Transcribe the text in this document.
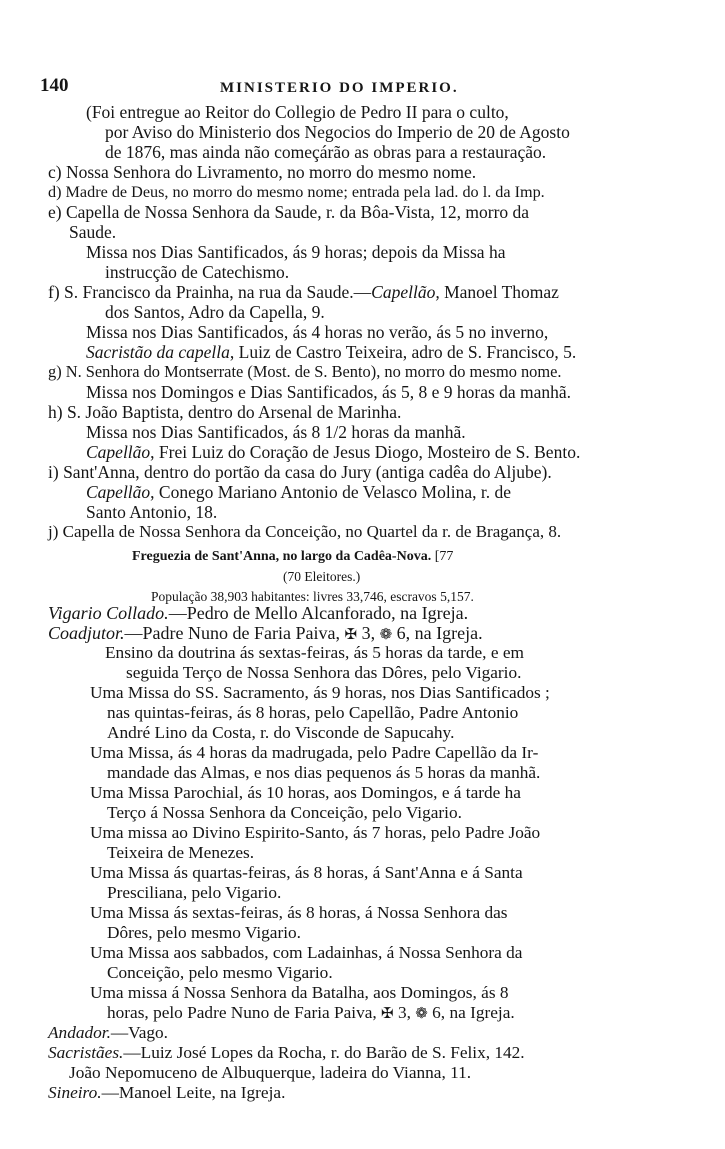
140	MINISTERIO DO IMPERIO.
(Foi entregue ao Reitor do Collegio de Pedro II para o culto,
por Aviso do Ministerio dos Negocios do Imperio de 20 de Agosto
de 1876, mas ainda não começárão as obras para a restauração.
c) Nossa Senhora do Livramento, no morro do mesmo nome.
d) Madre de Deus, no morro do mesmo nome; entrada pela lad. do l. da Imp.
e) Capella de Nossa Senhora da Saude, r. da Bôa-Vista, 12, morro da
Saude.
Missa nos Dias Santificados, ás 9 horas; depois da Missa ha
instrucção de Catechismo.
f) S. Francisco da Prainha, na rua da Saude.—Capellão, Manoel Thomaz
dos Santos, Adro da Capella, 9.
Missa nos Dias Santificados, ás 4 horas no verão, ás 5 no inverno,
Sacristão da capella, Luiz de Castro Teixeira, adro de S. Francisco, 5.
g) N. Senhora do Montserrate (Most. de S. Bento), no morro do mesmo nome.
Missa nos Domingos e Dias Santificados, ás 5, 8 e 9 horas da manhã.
h) S. João Baptista, dentro do Arsenal de Marinha.
Missa nos Dias Santificados, ás 8 1/2 horas da manhã.
Capellão, Frei Luiz do Coração de Jesus Diogo, Mosteiro de S. Bento.
i) Sant'Anna, dentro do portão da casa do Jury (antiga cadêa do Aljube).
Capellão, Conego Mariano Antonio de Velasco Molina, r. de
Santo Antonio, 18.
j) Capella de Nossa Senhora da Conceição, no Quartel da r. de Bragança, 8.
Freguezia de Sant'Anna, no largo da Cadêa-Nova. [77
(70 Eleitores.)
População 38,903 habitantes: livres 33,746, escravos 5,157.
Vigario Collado.—Pedro de Mello Alcanforado, na Igreja.
Coadjutor.—Padre Nuno de Faria Paiva, ✠ 3, ❁ 6, na Igreja.
Ensino da doutrina ás sextas-feiras, ás 5 horas da tarde, e em
seguida Terço de Nossa Senhora das Dôres, pelo Vigario.
Uma Missa do SS. Sacramento, ás 9 horas, nos Dias Santificados ;
nas quintas-feiras, ás 8 horas, pelo Capellão, Padre Antonio
André Lino da Costa, r. do Visconde de Sapucahy.
Uma Missa, ás 4 horas da madrugada, pelo Padre Capellão da Ir-
mandade das Almas, e nos dias pequenos ás 5 horas da manhã.
Uma Missa Parochial, ás 10 horas, aos Domingos, e á tarde ha
Terço á Nossa Senhora da Conceição, pelo Vigario.
Uma missa ao Divino Espirito-Santo, ás 7 horas, pelo Padre João
Teixeira de Menezes.
Uma Missa ás quartas-feiras, ás 8 horas, á Sant'Anna e á Santa
Presciliana, pelo Vigario.
Uma Missa ás sextas-feiras, ás 8 horas, á Nossa Senhora das
Dôres, pelo mesmo Vigario.
Uma Missa aos sabbados, com Ladainhas, á Nossa Senhora da
Conceição, pelo mesmo Vigario.
Uma missa á Nossa Senhora da Batalha, aos Domingos, ás 8
horas, pelo Padre Nuno de Faria Paiva, ✠ 3, ❁ 6, na Igreja.
Andador.—Vago.
Sacristães.—Luiz José Lopes da Rocha, r. do Barão de S. Felix, 142.
João Nepomuceno de Albuquerque, ladeira do Vianna, 11.
Sineiro.—Manoel Leite, na Igreja.
